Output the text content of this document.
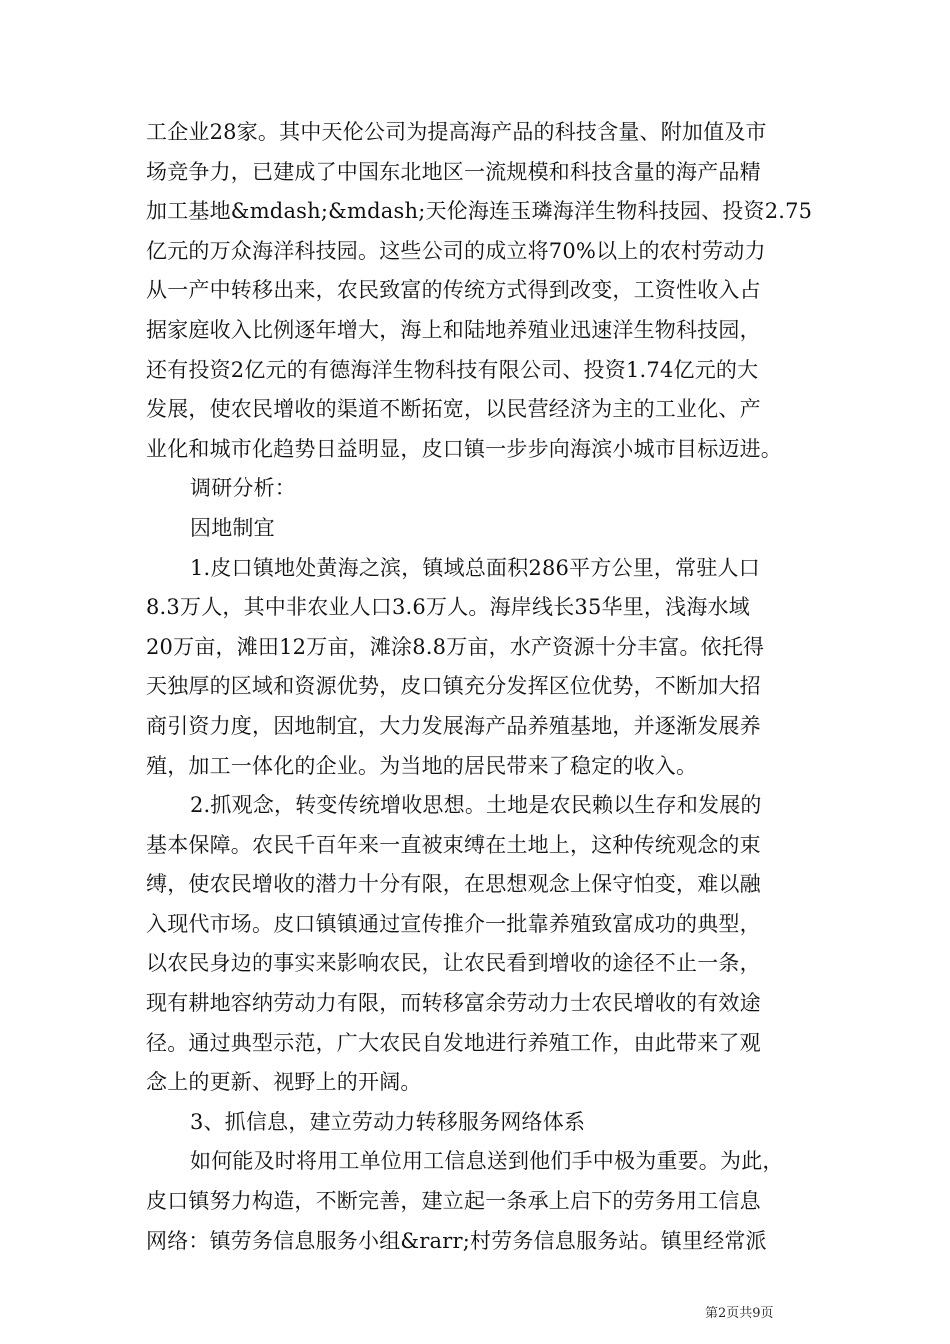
工企业28家。其中天伦公司为提高海产品的科技含量、附加值及市
场竞争力，已建成了中国东北地区一流规模和科技含量的海产品精
加工基地&mdash;&mdash;天伦海连玉璘海洋生物科技园、投资2.75
亿元的万众海洋科技园。这些公司的成立将70%以上的农村劳动力
从一产中转移出来，农民致富的传统方式得到改变，工资性收入占
据家庭收入比例逐年增大，海上和陆地养殖业迅速洋生物科技园，
还有投资2亿元的有德海洋生物科技有限公司、投资1.74亿元的大
发展，使农民增收的渠道不断拓宽，以民营经济为主的工业化、产
业化和城市化趋势日益明显，皮口镇一步步向海滨小城市目标迈进。
调研分析：
因地制宜
1.皮口镇地处黄海之滨，镇域总面积286平方公里，常驻人口
8.3万人，其中非农业人口3.6万人。海岸线长35华里，浅海水域
20万亩，滩田12万亩，滩涂8.8万亩，水产资源十分丰富。依托得
天独厚的区域和资源优势，皮口镇充分发挥区位优势，不断加大招
商引资力度，因地制宜，大力发展海产品养殖基地，并逐渐发展养
殖，加工一体化的企业。为当地的居民带来了稳定的收入。
2.抓观念，转变传统增收思想。土地是农民赖以生存和发展的
基本保障。农民千百年来一直被束缚在土地上，这种传统观念的束
缚，使农民增收的潜力十分有限，在思想观念上保守怕变，难以融
入现代市场。皮口镇镇通过宣传推介一批靠养殖致富成功的典型，
以农民身边的事实来影响农民，让农民看到增收的途径不止一条，
现有耕地容纳劳动力有限，而转移富余劳动力士农民增收的有效途
径。通过典型示范，广大农民自发地进行养殖工作，由此带来了观
念上的更新、视野上的开阔。
3、抓信息，建立劳动力转移服务网络体系
如何能及时将用工单位用工信息送到他们手中极为重要。为此，
皮口镇努力构造，不断完善，建立起一条承上启下的劳务用工信息
网络：镇劳务信息服务小组&rarr;村劳务信息服务站。镇里经常派
第2页共9页
